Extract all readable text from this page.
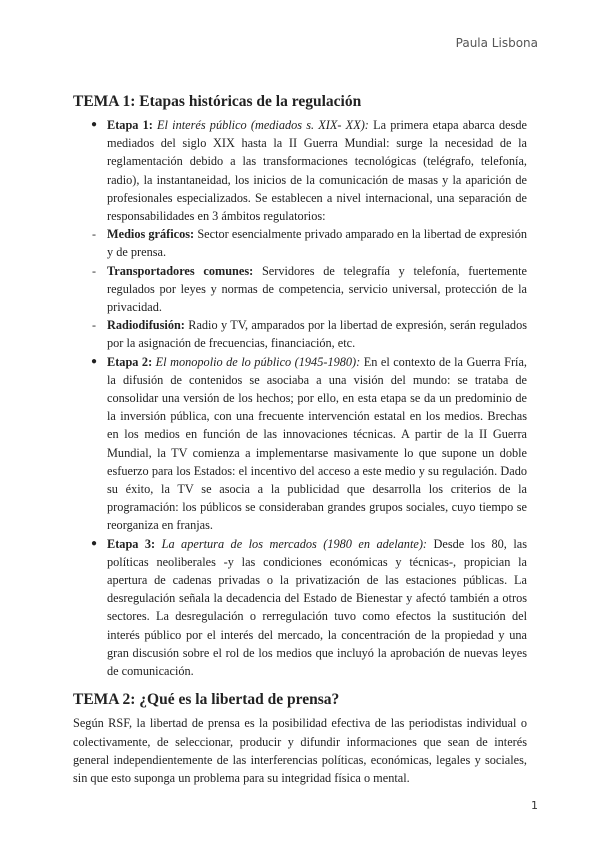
Paula Lisbona
TEMA 1: Etapas históricas de la regulación
● Etapa 1: El interés público (mediados s. XIX- XX): La primera etapa abarca desde mediados del siglo XIX hasta la II Guerra Mundial: surge la necesidad de la reglamentación debido a las transformaciones tecnológicas (telégrafo, telefonía, radio), la instantaneidad, los inicios de la comunicación de masas y la aparición de profesionales especializados. Se establecen a nivel internacional, una separación de responsabilidades en 3 ámbitos regulatorios:
- Medios gráficos: Sector esencialmente privado amparado en la libertad de expresión y de prensa.
- Transportadores comunes: Servidores de telegrafía y telefonía, fuertemente regulados por leyes y normas de competencia, servicio universal, protección de la privacidad.
- Radiodifusión: Radio y TV, amparados por la libertad de expresión, serán regulados por la asignación de frecuencias, financiación, etc.
● Etapa 2: El monopolio de lo público (1945-1980): En el contexto de la Guerra Fría, la difusión de contenidos se asociaba a una visión del mundo: se trataba de consolidar una versión de los hechos; por ello, en esta etapa se da un predominio de la inversión pública, con una frecuente intervención estatal en los medios. Brechas en los medios en función de las innovaciones técnicas. A partir de la II Guerra Mundial, la TV comienza a implementarse masivamente lo que supone un doble esfuerzo para los Estados: el incentivo del acceso a este medio y su regulación. Dado su éxito, la TV se asocia a la publicidad que desarrolla los criterios de la programación: los públicos se consideraban grandes grupos sociales, cuyo tiempo se reorganiza en franjas.
● Etapa 3: La apertura de los mercados (1980 en adelante): Desde los 80, las políticas neoliberales -y las condiciones económicas y técnicas-, propician la apertura de cadenas privadas o la privatización de las estaciones públicas. La desregulación señala la decadencia del Estado de Bienestar y afectó también a otros sectores. La desregulación o rerregulación tuvo como efectos la sustitución del interés público por el interés del mercado, la concentración de la propiedad y una gran discusión sobre el rol de los medios que incluyó la aprobación de nuevas leyes de comunicación.
TEMA 2: ¿Qué es la libertad de prensa?

Según RSF, la libertad de prensa es la posibilidad efectiva de las periodistas individual o colectivamente, de seleccionar, producir y difundir informaciones que sean de interés general independientemente de las interferencias políticas, económicas, legales y sociales, sin que esto suponga un problema para su integridad física o mental.

1
